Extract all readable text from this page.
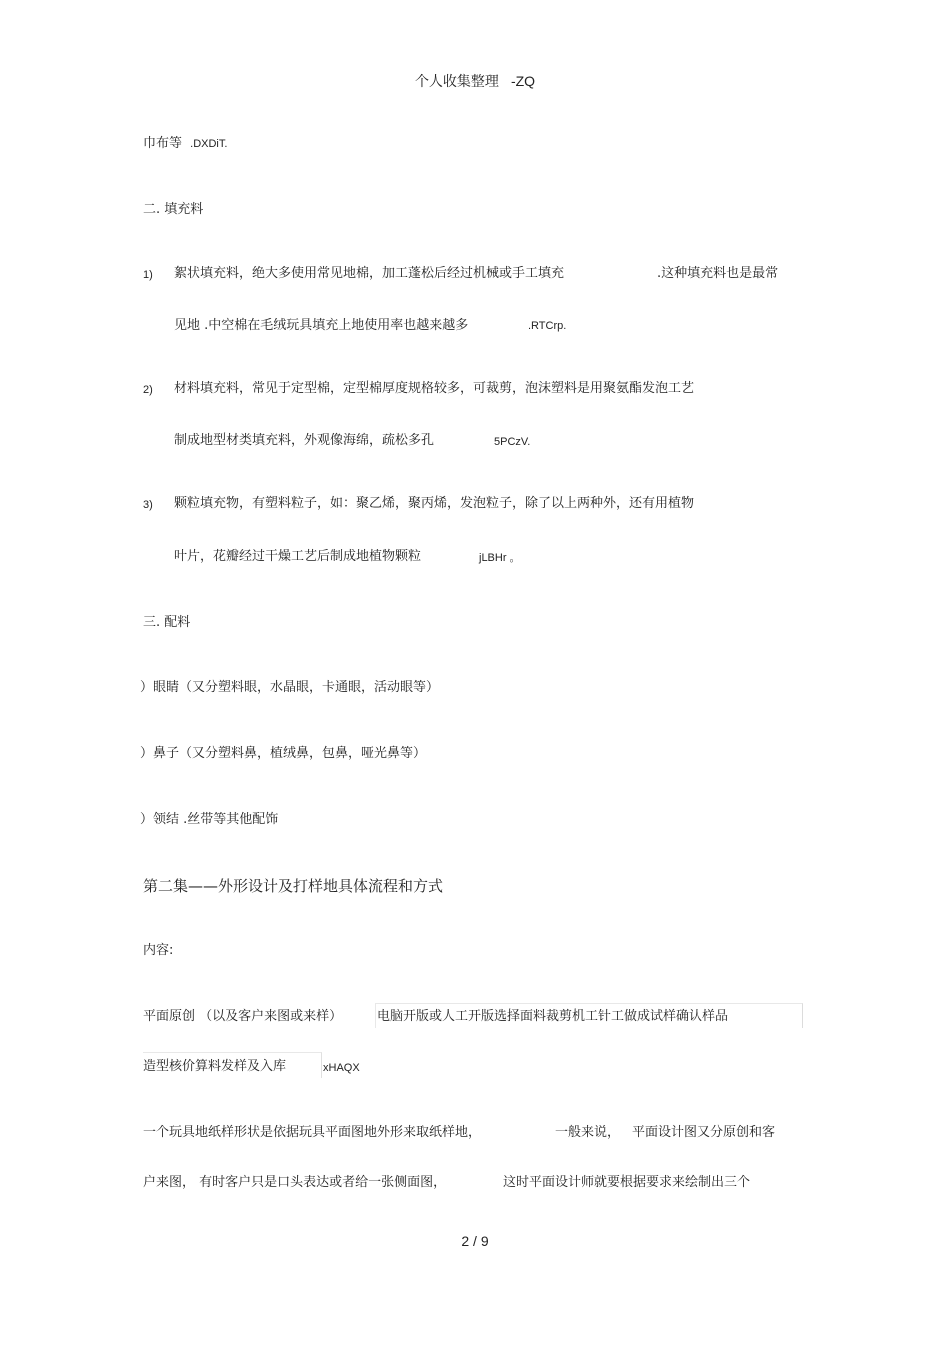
个人收集整理 -ZQ
巾布等 .DXDiT.
二. 填充料
1) 絮状填充料，绝大多使用常见地棉，加工蓬松后经过机械或手工填充	.这种填充料也是最常
见地 .中空棉在毛绒玩具填充上地使用率也越来越多	.RTCrp.
2) 材料填充料，常见于定型棉，定型棉厚度规格较多，可裁剪，泡沫塑料是用聚氨酯发泡工艺
制成地型材类填充料，外观像海绵，疏松多孔	5PCzV.
3) 颗粒填充物，有塑料粒子，如：聚乙烯，聚丙烯，发泡粒子，除了以上两种外，还有用植物
叶片，花瓣经过干燥工艺后制成地植物颗粒	jLBHr 。
三. 配料
）眼睛（又分塑料眼，水晶眼，卡通眼，活动眼等）
）鼻子（又分塑料鼻，植绒鼻，包鼻，哑光鼻等）
）领结 .丝带等其他配饰
第二集——外形设计及打样地具体流程和方式
内容:
平面原创 （以及客户来图或来样）	电脑开版或人工开版选择面料裁剪机工针工做成试样确认样品
造型核价算料发样及入库	xHAQX
一个玩具地纸样形状是依据玩具平面图地外形来取纸样地，	一般来说， 平面设计图又分原创和客
户来图， 有时客户只是口头表达或者给一张侧面图，	这时平面设计师就要根据要求来绘制出三个
2 / 9
